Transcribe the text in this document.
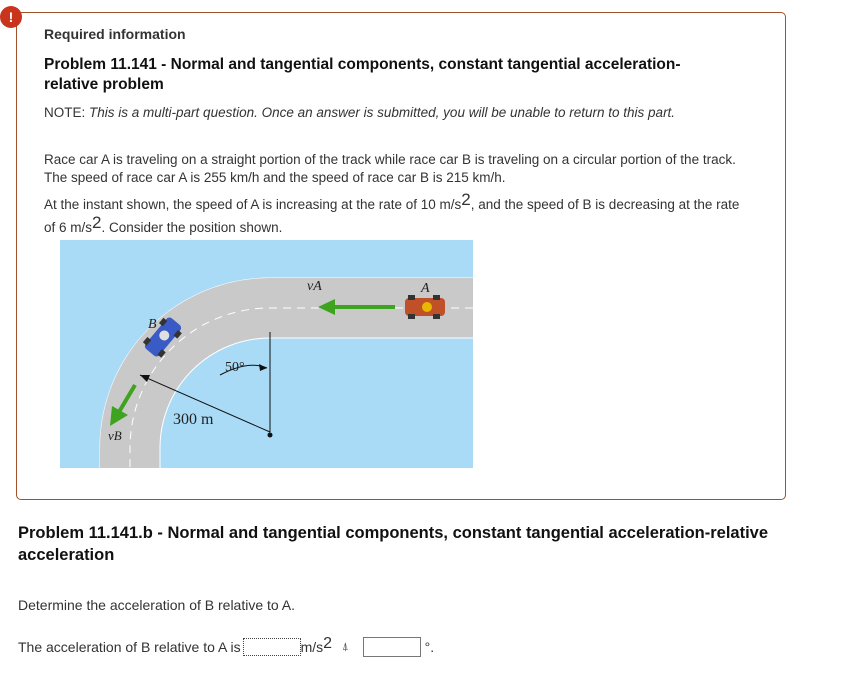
!
Required information
Problem 11.141 - Normal and tangential components, constant tangential acceleration-relative problem
NOTE: This is a multi-part question. Once an answer is submitted, you will be unable to return to this part.
Race car A is traveling on a straight portion of the track while race car B is traveling on a circular portion of the track. The speed of race car A is 255 km/h and the speed of race car B is 215 km/h.
At the instant shown, the speed of A is increasing at the rate of 10 $m/s^2$, and the speed of B is decreasing at the rate of 6 $m/s^2$. Consider the position shown.
vA	A
B
50°
300 m
vB
Problem 11.141.b - Normal and tangential components, constant tangential acceleration-relative acceleration
Determine the acceleration of B relative to A.
The acceleration of B relative to A is	$m/s^2$ ⍋	°.
